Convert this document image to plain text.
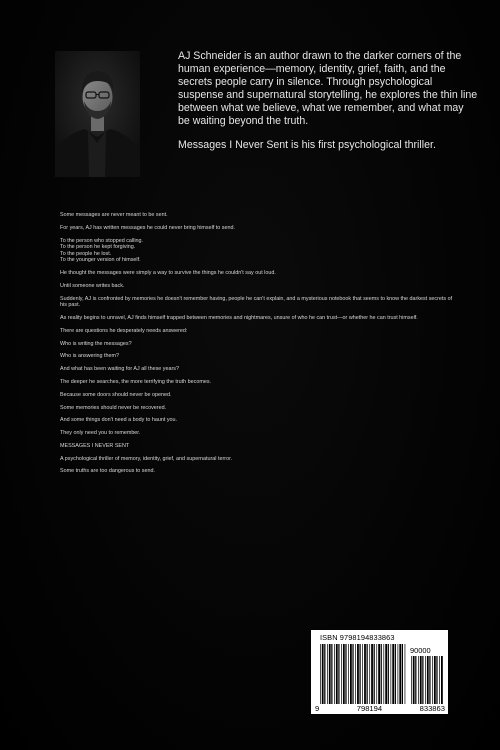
AJ Schneider is an author drawn to the darker corners of the human experience—memory, identity, grief, faith, and the secrets people carry in silence. Through psychological suspense and supernatural storytelling, he explores the thin line between what we believe, what we remember, and what may be waiting beyond the truth.

Messages I Never Sent is his first psychological thriller.

Some messages are never meant to be sent.
For years, AJ has written messages he could never bring himself to send.
To the person who stopped calling.
To the person he kept forgiving.
To the people he lost.
To the younger version of himself.
He thought the messages were simply a way to survive the things he couldn't say out loud.
Until someone writes back.
Suddenly, AJ is confronted by memories he doesn't remember having, people he can't explain, and a mysterious notebook that seems to know the darkest secrets of his past.
As reality begins to unravel, AJ finds himself trapped between memories and nightmares, unsure of who he can trust—or whether he can trust himself.
There are questions he desperately needs answered:
Who is writing the messages?
Who is answering them?
And what has been waiting for AJ all these years?
The deeper he searches, the more terrifying the truth becomes.
Because some doors should never be opened.
Some memories should never be recovered.
And some things don't need a body to haunt you.
They only need you to remember.
MESSAGES I NEVER SENT
A psychological thriller of memory, identity, grief, and supernatural terror.
Some truths are too dangerous to send.
ISBN 9798194833863
90000
9	798194	833863
